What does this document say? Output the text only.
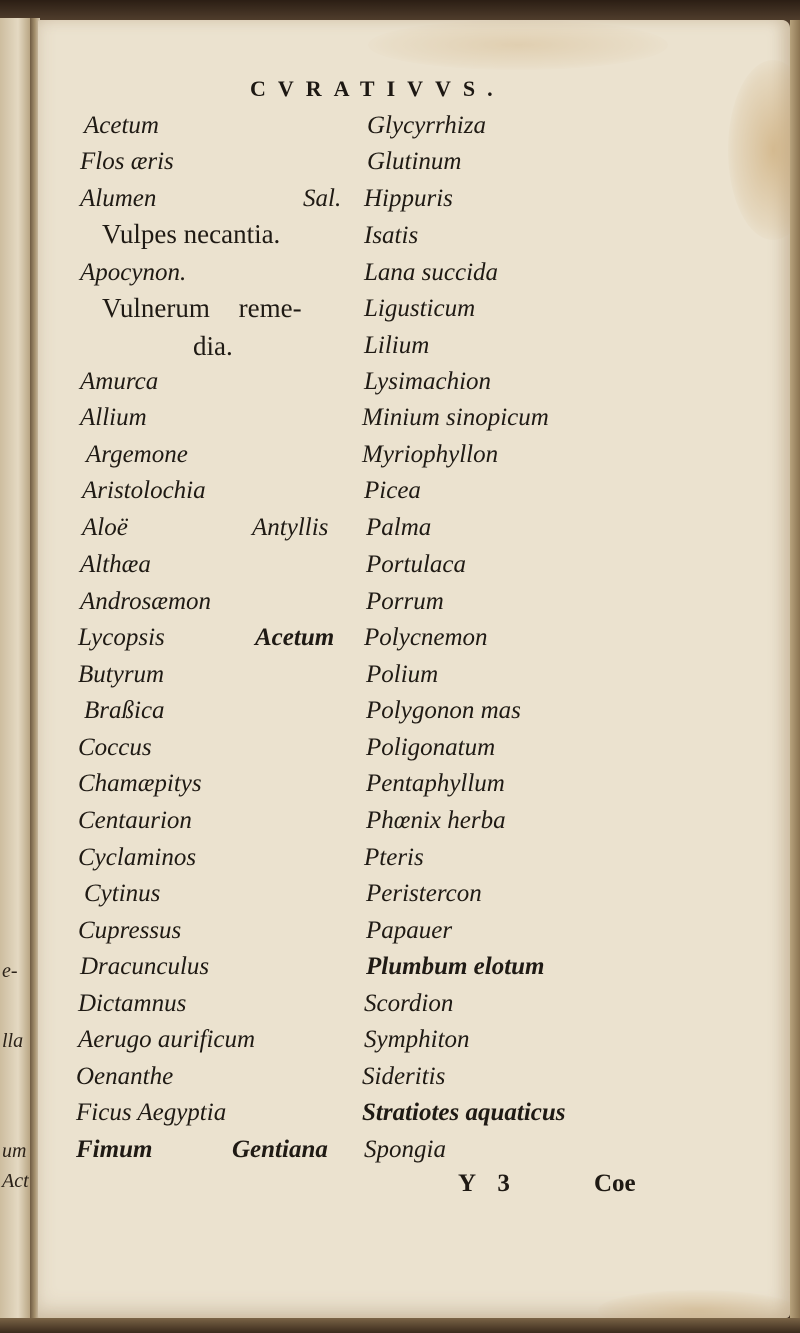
e-
lla
um
Act
CVRATIVVS.
Acetum
Flos æris
Alumen
Vulpes necantia.
Apocynon.
Vulnerum reme-
dia.
Amurca
Allium
Argemone
Aristolochia
Aloë
Althæa
Androsæmon
Lycopsis
Butyrum
Braßica
Coccus
Chamæpitys
Centaurion
Cyclaminos
Cytinus
Cupressus
Dracunculus
Dictamnus
Aerugo aurificum
Oenanthe
Ficus Aegyptia
Fimum
Sal.
Antyllis
Acetum
Gentiana
Glycyrrhiza
Glutinum
Hippuris
Isatis
Lana succida
Ligusticum
Lilium
Lysimachion
Minium sinopicum
Myriophyllon
Picea
Palma
Portulaca
Porrum
Polycnemon
Polium
Polygonon mas
Poligonatum
Pentaphyllum
Phœnix herba
Pteris
Peristercon
Papauer
Plumbum elotum
Scordion
Symphiton
Sideritis
Stratiotes aquaticus
Spongia
Y 3	Coe
